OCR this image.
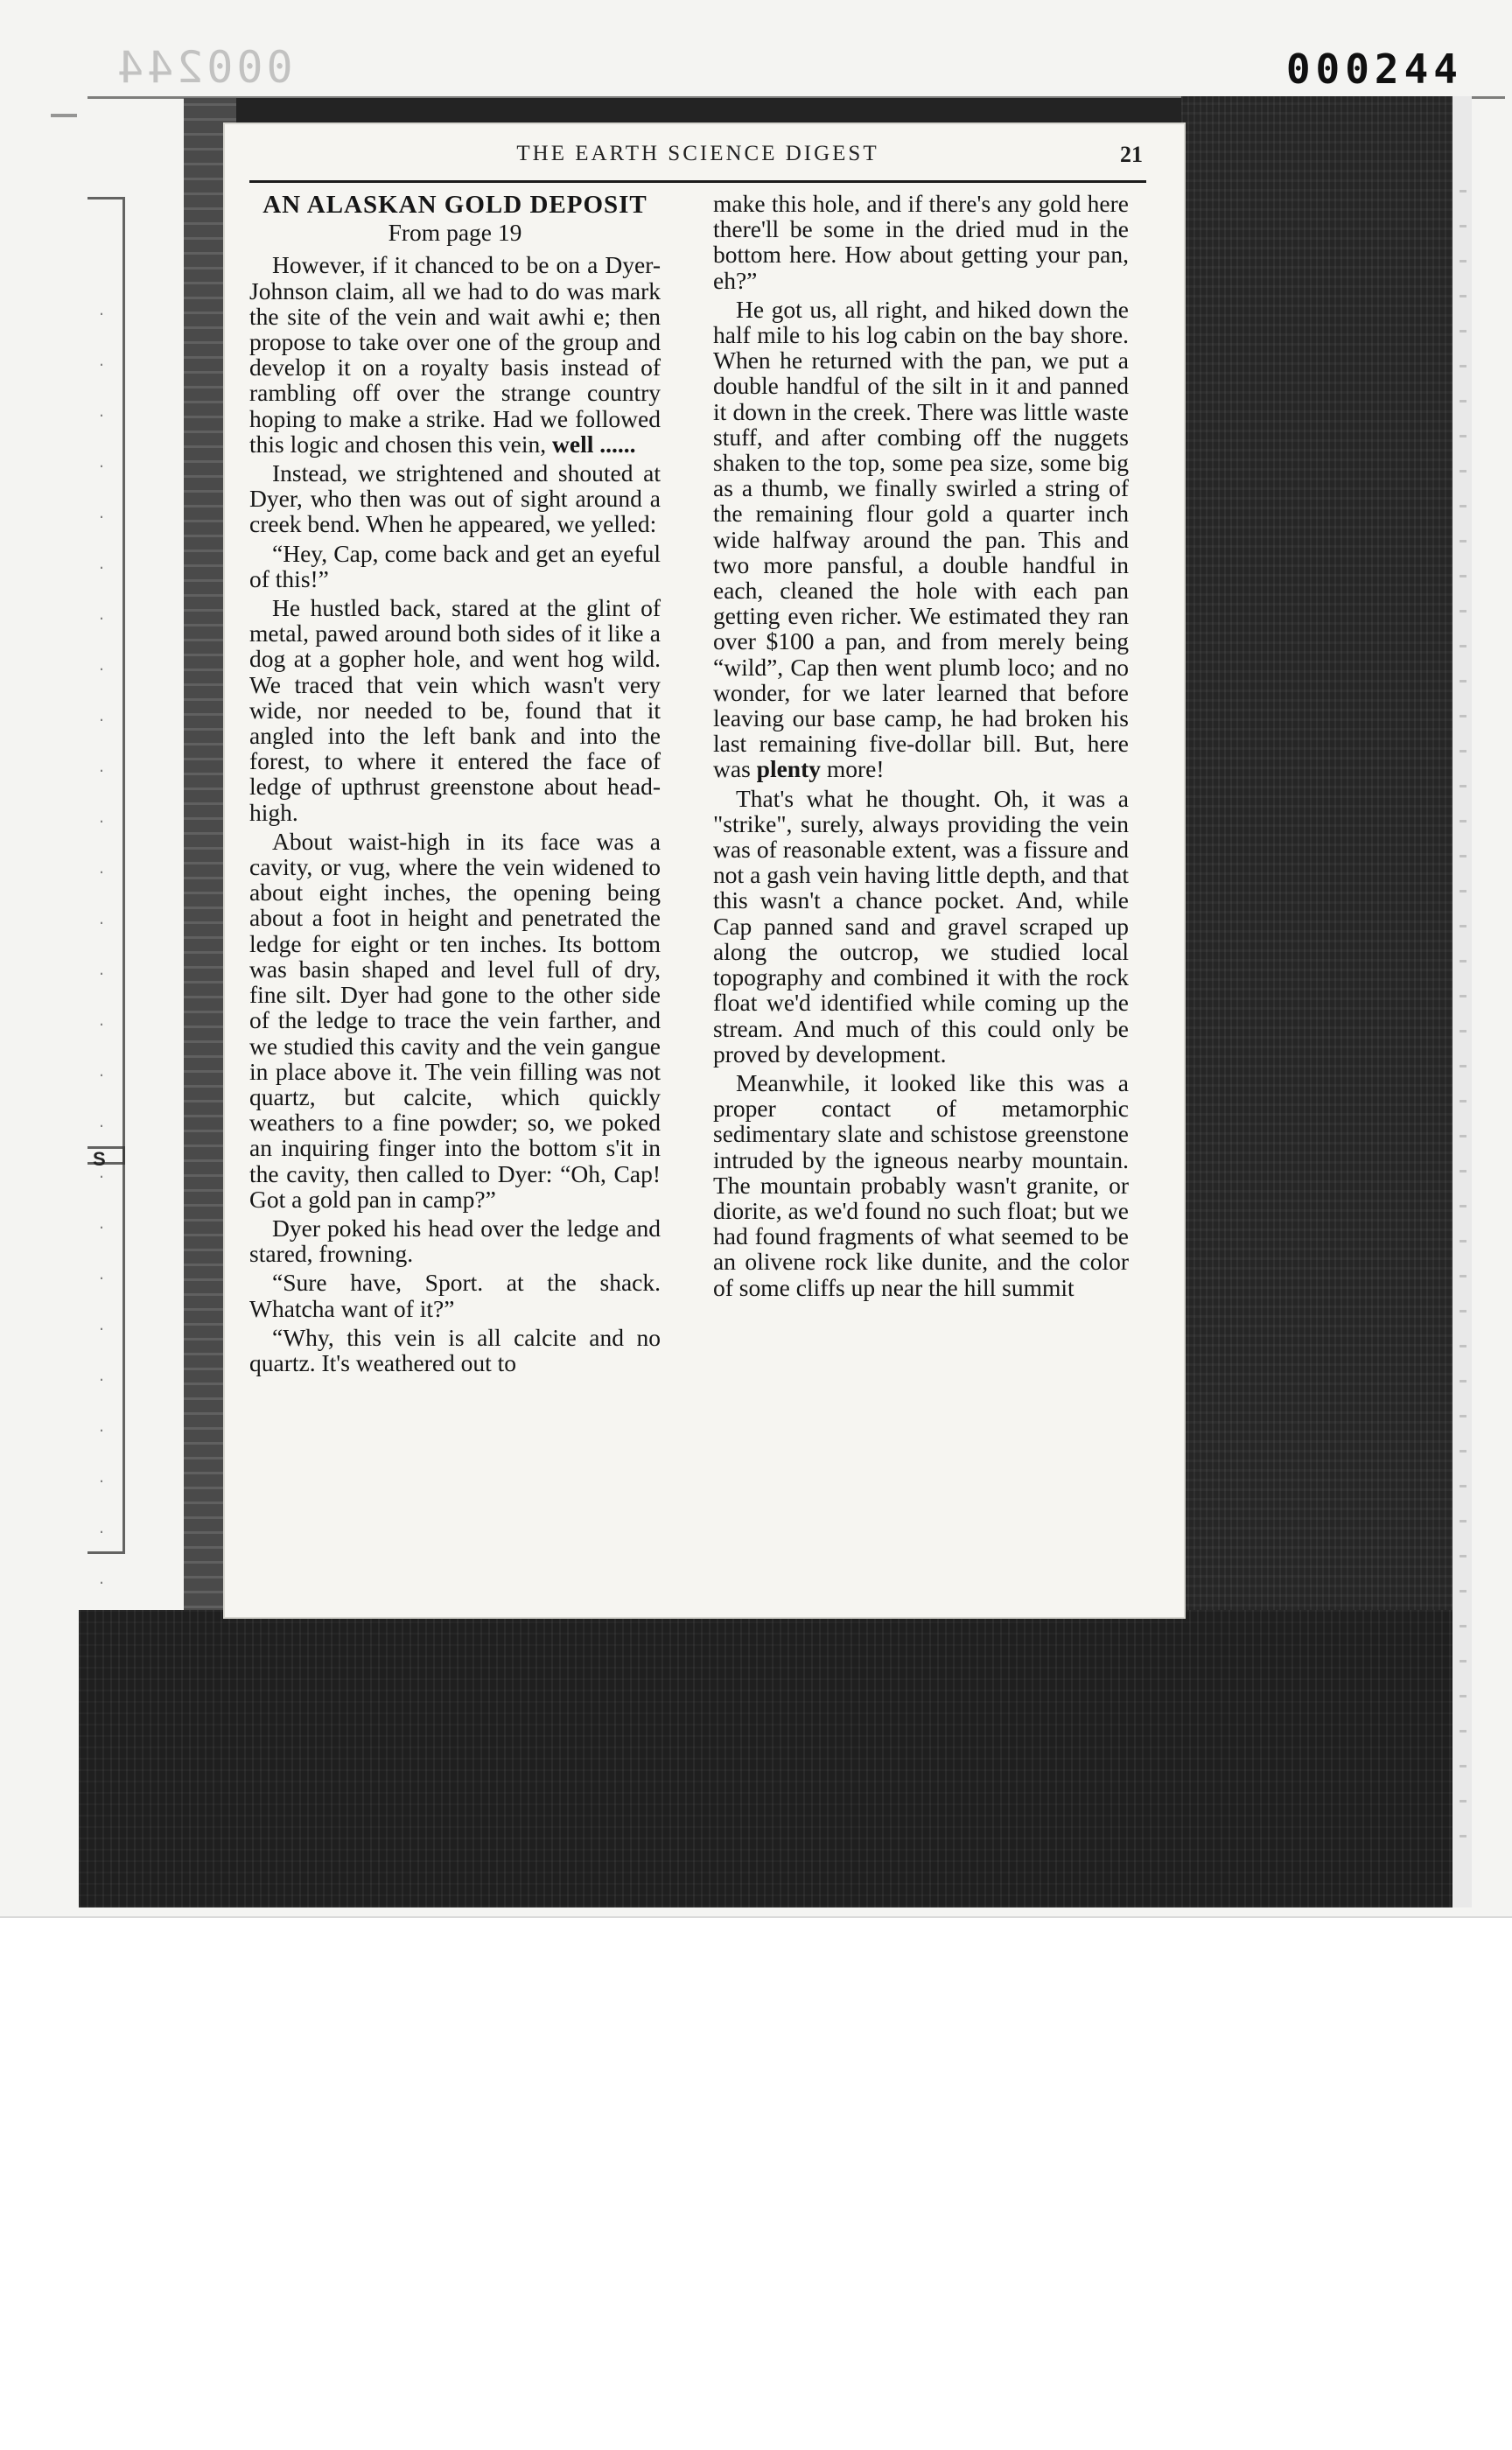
000244	000244
·
·
·
·
·
·
·
·
·
·
·
·
·
·
·
·
·
·
·
·
·
·
·
·
·
·
S
THE EARTH SCIENCE DIGEST	21
AN ALASKAN GOLD DEPOSIT
From page 19

However, if it chanced to be on a Dyer-Johnson claim, all we had to do was mark the site of the vein and wait awhi e; then propose to take over one of the group and develop it on a royalty basis instead of rambling off over the strange country hoping to make a strike. Had we followed this logic and chosen this vein, well ......

Instead, we strightened and shouted at Dyer, who then was out of sight around a creek bend. When he appeared, we yelled:

“Hey, Cap, come back and get an eyeful of this!”

He hustled back, stared at the glint of metal, pawed around both sides of it like a dog at a gopher hole, and went hog wild. We traced that vein which wasn't very wide, nor needed to be, found that it angled into the left bank and into the forest, to where it entered the face of ledge of upthrust greenstone about head-high.

About waist-high in its face was a cavity, or vug, where the vein widened to about eight inches, the opening being about a foot in height and penetrated the ledge for eight or ten inches. Its bottom was basin shaped and level full of dry, fine silt. Dyer had gone to the other side of the ledge to trace the vein farther, and we studied this cavity and the vein gangue in place above it. The vein filling was not quartz, but calcite, which quickly weathers to a fine powder; so, we poked an inquiring finger into the bottom s'it in the cavity, then called to Dyer: “Oh, Cap! Got a gold pan in camp?”

Dyer poked his head over the ledge and stared, frowning.

“Sure have, Sport. at the shack. Whatcha want of it?”

“Why, this vein is all calcite and no quartz. It's weathered out to

make this hole, and if there's any gold here there'll be some in the dried mud in the bottom here. How about getting your pan, eh?”

He got us, all right, and hiked down the half mile to his log cabin on the bay shore. When he returned with the pan, we put a double handful of the silt in it and panned it down in the creek. There was little waste stuff, and after combing off the nuggets shaken to the top, some pea size, some big as a thumb, we finally swirled a string of the remaining flour gold a quarter inch wide halfway around the pan. This and two more pansful, a double handful in each, cleaned the hole with each pan getting even richer. We estimated they ran over $100 a pan, and from merely being “wild”, Cap then went plumb loco; and no wonder, for we later learned that before leaving our base camp, he had broken his last remaining five-dollar bill. But, here was plenty more!

That's what he thought. Oh, it was a "strike", surely, always providing the vein was of reasonable extent, was a fissure and not a gash vein having little depth, and that this wasn't a chance pocket. And, while Cap panned sand and gravel scraped up along the outcrop, we studied local topography and combined it with the rock float we'd identified while coming up the stream. And much of this could only be proved by development.

Meanwhile, it looked like this was a proper contact of metamorphic sedimentary slate and schistose greenstone intruded by the igneous nearby mountain. The mountain probably wasn't granite, or diorite, as we'd found no such float; but we had found fragments of what seemed to be an olivene rock like dunite, and the color of some cliffs up near the hill summit
